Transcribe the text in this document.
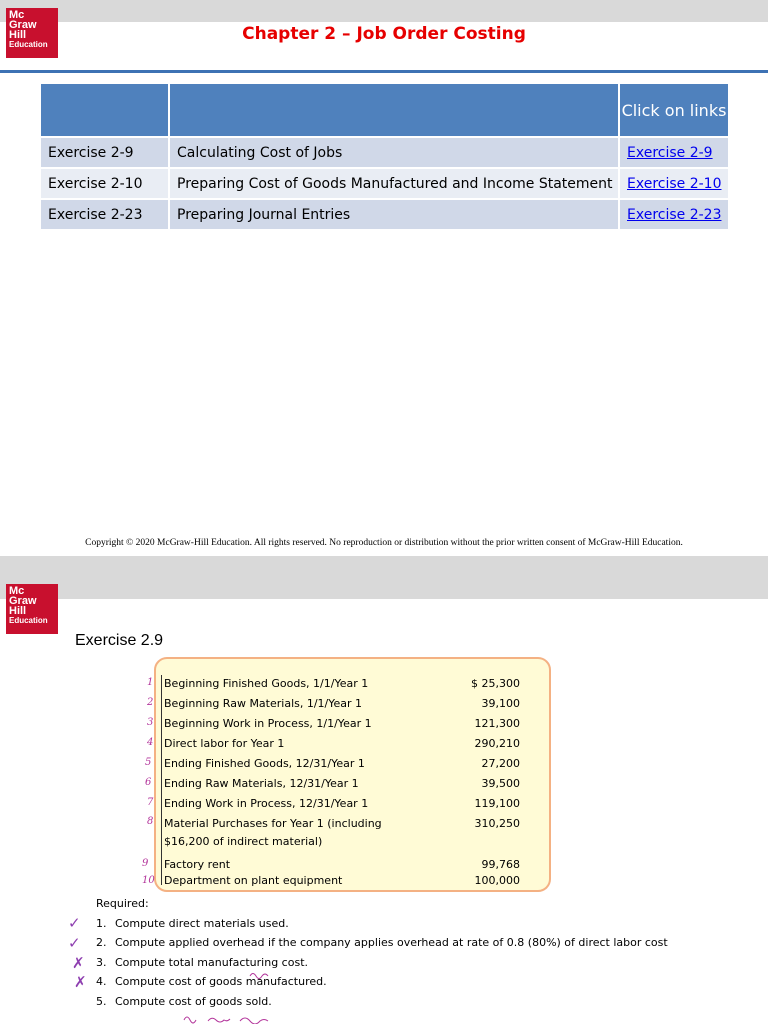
Mc
Graw
Hill
Education
Chapter 2 – Job Order Costing
		Click on links
Exercise 2-9	Calculating Cost of Jobs	Exercise 2-9
Exercise 2-10	Preparing Cost of Goods Manufactured and Income Statement	Exercise 2-10
Exercise 2-23	Preparing Journal Entries	Exercise 2-23
Copyright © 2020 McGraw-Hill Education. All rights reserved. No reproduction or distribution without the prior written consent of McGraw-Hill Education.
Mc
Graw
Hill
Education
Exercise 2.9
Beginning Finished Goods, 1/1/Year 1	$ 25,300
Beginning Raw Materials, 1/1/Year 1	39,100
Beginning Work in Process, 1/1/Year 1	121,300
Direct labor for Year 1	290,210
Ending Finished Goods, 12/31/Year 1	27,200
Ending Raw Materials, 12/31/Year 1	39,500
Ending Work in Process, 12/31/Year 1	119,100
Material Purchases for Year 1 (including	310,250
$16,200 of indirect material)
Factory rent	99,768
Department on plant equipment	100,000
1
2
3
4
5
6
7
8
9
10
Required:
✓
✓
✗
✗
1. Compute direct materials used.
2. Compute applied overhead if the company applies overhead at rate of 0.8 (80%) of direct labor cost
3. Compute total manufacturing cost.
4. Compute cost of goods manufactured.
5. Compute cost of goods sold.
